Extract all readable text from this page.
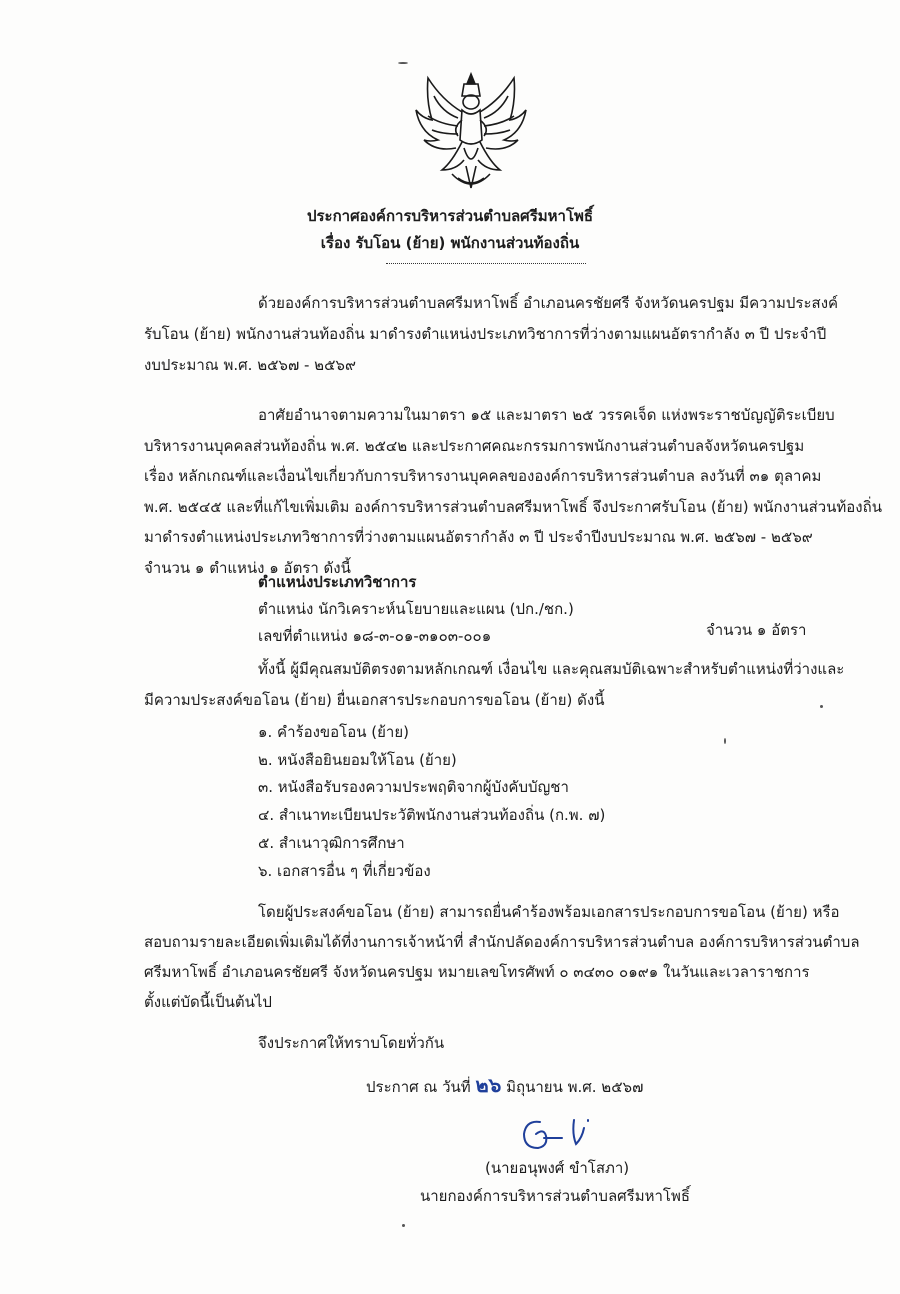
ประกาศองค์การบริหารส่วนตำบลศรีมหาโพธิ์
เรื่อง รับโอน (ย้าย) พนักงานส่วนท้องถิ่น
ด้วยองค์การบริหารส่วนตำบลศรีมหาโพธิ์ อำเภอนครชัยศรี จังหวัดนครปฐม มีความประสงค์
รับโอน (ย้าย) พนักงานส่วนท้องถิ่น มาดำรงตำแหน่งประเภทวิชาการที่ว่างตามแผนอัตรากำลัง ๓ ปี ประจำปี
งบประมาณ พ.ศ. ๒๕๖๗ - ๒๕๖๙
อาศัยอำนาจตามความในมาตรา ๑๕ และมาตรา ๒๕ วรรคเจ็ด แห่งพระราชบัญญัติระเบียบ
บริหารงานบุคคลส่วนท้องถิ่น พ.ศ. ๒๕๔๒ และประกาศคณะกรรมการพนักงานส่วนตำบลจังหวัดนครปฐม
เรื่อง หลักเกณฑ์และเงื่อนไขเกี่ยวกับการบริหารงานบุคคลขององค์การบริหารส่วนตำบล ลงวันที่ ๓๑ ตุลาคม
พ.ศ. ๒๕๔๕ และที่แก้ไขเพิ่มเติม องค์การบริหารส่วนตำบลศรีมหาโพธิ์ จึงประกาศรับโอน (ย้าย) พนักงานส่วนท้องถิ่น
มาดำรงตำแหน่งประเภทวิชาการที่ว่างตามแผนอัตรากำลัง ๓ ปี ประจำปีงบประมาณ พ.ศ. ๒๕๖๗ - ๒๕๖๙
จำนวน ๑ ตำแหน่ง ๑ อัตรา ดังนี้
ตำแหน่งประเภทวิชาการ
ตำแหน่ง นักวิเคราะห์นโยบายและแผน (ปก./ชก.)
เลขที่ตำแหน่ง ๑๘-๓-๐๑-๓๑๐๓-๐๐๑	จำนวน ๑ อัตรา
ทั้งนี้ ผู้มีคุณสมบัติตรงตามหลักเกณฑ์ เงื่อนไข และคุณสมบัติเฉพาะสำหรับตำแหน่งที่ว่างและ
มีความประสงค์ขอโอน (ย้าย) ยื่นเอกสารประกอบการขอโอน (ย้าย) ดังนี้
๑. คำร้องขอโอน (ย้าย)
๒. หนังสือยินยอมให้โอน (ย้าย)
๓. หนังสือรับรองความประพฤติจากผู้บังคับบัญชา
๔. สำเนาทะเบียนประวัติพนักงานส่วนท้องถิ่น (ก.พ. ๗)
๕. สำเนาวุฒิการศึกษา
๖. เอกสารอื่น ๆ ที่เกี่ยวข้อง
โดยผู้ประสงค์ขอโอน (ย้าย) สามารถยื่นคำร้องพร้อมเอกสารประกอบการขอโอน (ย้าย) หรือ
สอบถามรายละเอียดเพิ่มเติมได้ที่งานการเจ้าหน้าที่ สำนักปลัดองค์การบริหารส่วนตำบล องค์การบริหารส่วนตำบล
ศรีมหาโพธิ์ อำเภอนครชัยศรี จังหวัดนครปฐม หมายเลขโทรศัพท์ ๐ ๓๔๓๐ ๐๑๙๑ ในวันและเวลาราชการ
ตั้งแต่บัดนี้เป็นต้นไป
จึงประกาศให้ทราบโดยทั่วกัน
ประกาศ ณ วันที่ ๒๖ มิถุนายน พ.ศ. ๒๕๖๗
(นายอนุพงศ์ ขำโสภา)
นายกองค์การบริหารส่วนตำบลศรีมหาโพธิ์
